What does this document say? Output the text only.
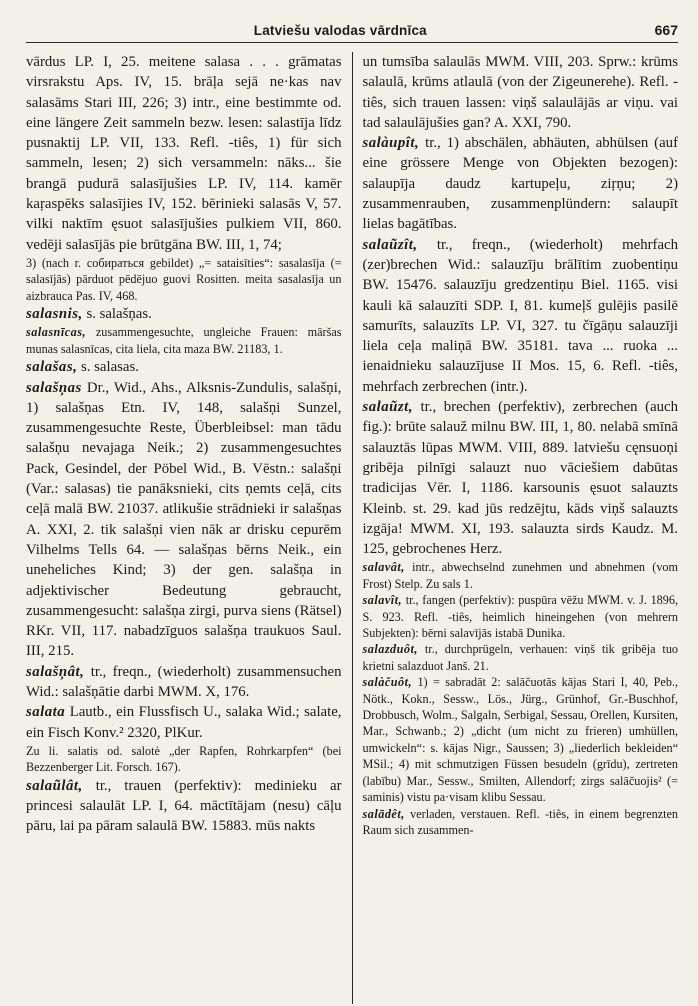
Latviešu valodas vārdnīca	667

vārdus LP. I, 25. meitene salasa . . . grāmatas virsrakstu Aps. IV, 15. brāļa sejā ne·kas nav salasāms Stari III, 226; 3) intr., eine bestimmte od. eine längere Zeit sammeln bezw. lesen: salastīja līdz pusnaktij LP. VII, 133. Refl. -tiês, 1) für sich sammeln, lesen; 2) sich versammeln: nāks... šie brangā pudurā salasījušies LP. IV, 114. kamēr kaŗaspēks salasījies IV, 152. bērinieki salasās V, 57. vilki naktīm ęsuot salasījušies pulkiem VII, 860. vedēji salasījās pie brūtgāna BW. III, 1, 74;

3) (nach r. собираться gebildet) „= sataisīties“: sasalasīja (= salasījās) pārduot pēdējuo guovi Rositten. meita sasalasīja un aizbrauca Pas. IV, 468.

salasnis, s. salašņas.

salasnīcas, zusammengesuchte, ungleiche Frauen: māršas munas salasnīcas, cita liela, cita maza BW. 21183, 1.

salašas, s. salasas.

salašņas Dr., Wid., Ahs., Alksnis-Zundulis, salašņi, 1) salašņas Etn. IV, 148, salašņi Sunzel, zusammengesuchte Reste, Überbleibsel: man tādu salašņu nevajaga Neik.; 2) zusammengesuchtes Pack, Gesindel, der Pöbel Wid., B. Vēstn.: salašņi (Var.: salasas) tie panāksnieki, cits ņemts ceļā, cits ceļā malā BW. 21037. atlikušie strādnieki ir salašņas A. XXI, 2. tik salašņi vien nāk ar drisku cepurēm Vilhelms Tells 64. — salašņas bērns Neik., ein uneheliches Kind; 3) der gen. salašņa in adjektivischer Bedeutung gebraucht, zusammengesucht: salašņa zirgi, purva siens (Rätsel) RKr. VII, 117. nabadzīguos salašņa traukuos Saul. III, 215.

salašņât, tr., freqn., (wiederholt) zusammensuchen Wid.: salašņātie darbi MWM. X, 176.

salata Lautb., ein Flussfisch U., salaka Wid.; salate, ein Fisch Konv.² 2320, PlKur.

Zu li. salatis od. salotė „der Rapfen, Rohrkarpfen“ (bei Bezzenberger Lit. Forsch. 167).

salaũlât, tr., trauen (perfektiv): medinieku ar princesi salaulāt LP. I, 64. māctītājam (nesu) cāļu pāru, lai pa pāram salaulā BW. 15883. mūs nakts

un tumsība salaulās MWM. VIII, 203. Sprw.: krūms salaulā, krūms atlaulā (von der Zigeunerehe). Refl. -tiês, sich trauen lassen: viņš salaulājās ar viņu. vai tad salaulājušies gan? A. XXI, 790.

salàupît, tr., 1) abschälen, abhäuten, abhülsen (auf eine grössere Menge von Objekten bezogen): salaupīja daudz kartupeļu, ziŗņu; 2) zusammenrauben, zusammenplündern: salaupīt lielas bagātības.

salaũzît, tr., freqn., (wiederholt) mehrfach (zer)brechen Wid.: salauzīju brālītim zuobentiņu BW. 15476. salauzīju gredzentiņu Biel. 1165. visi kauli kā salauzīti SDP. I, 81. kumeļš gulējis pasilē samurīts, salauzīts LP. VI, 327. tu čīgāņu salauzīji liela ceļa maliņā BW. 35181. tava ... ruoka ... ienaidnieku salauzījuse II Mos. 15, 6. Refl. -tiês, mehrfach zerbrechen (intr.).

salaũzt, tr., brechen (perfektiv), zerbrechen (auch fig.): brūte salauž milnu BW. III, 1, 80. nelabā smīnā salauztās lūpas MWM. VIII, 889. latviešu cęnsuoņi gribēja pilnīgi salauzt nuo vāciešiem dabūtas tradicijas Vēr. I, 1186. karsounis ęsuot salauzts Kleinb. st. 29. kad jūs redzējtu, kāds viņš salauzts izgāja! MWM. XI, 193. salauzta sirds Kaudz. M. 125, gebrochenes Herz.

salavât, intr., abwechselnd zunehmen und abnehmen (vom Frost) Stelp. Zu sals 1.

salavît, tr., fangen (perfektiv): puspūra vēžu MWM. v. J. 1896, S. 923. Refl. -tiês, heimlich hineingehen (von mehrern Subjekten): bērni salavījās istabā Dunika.

salazduôt, tr., durchprügeln, verhauen: viņš tik gribēja tuo krietni salazduot Janš. 21.

salàčuôt, 1) = sabradāt 2: salāčuotās kājas Stari I, 40, Peb., Nötk., Kokn., Sessw., Lös., Jürg., Grünhof, Gr.-Buschhof, Drobbusch, Wolm., Salgaln, Serbigal, Sessau, Orellen, Kursiten, Mar., Schwanb.; 2) „dicht (um nicht zu frieren) umhüllen, umwickeln“: s. kājas Nigr., Saussen; 3) „liederlich bekleiden“ MSil.; 4) mit schmutzigen Füssen besudeln (grīdu), zertreten (labību) Mar., Sessw., Smilten, Allendorf; zirgs salāčuojis² (= saminis) vistu pa·visam klibu Sessau.

salādêt, verladen, verstauen. Refl. -tiês, in einem begrenzten Raum sich zusammen-
